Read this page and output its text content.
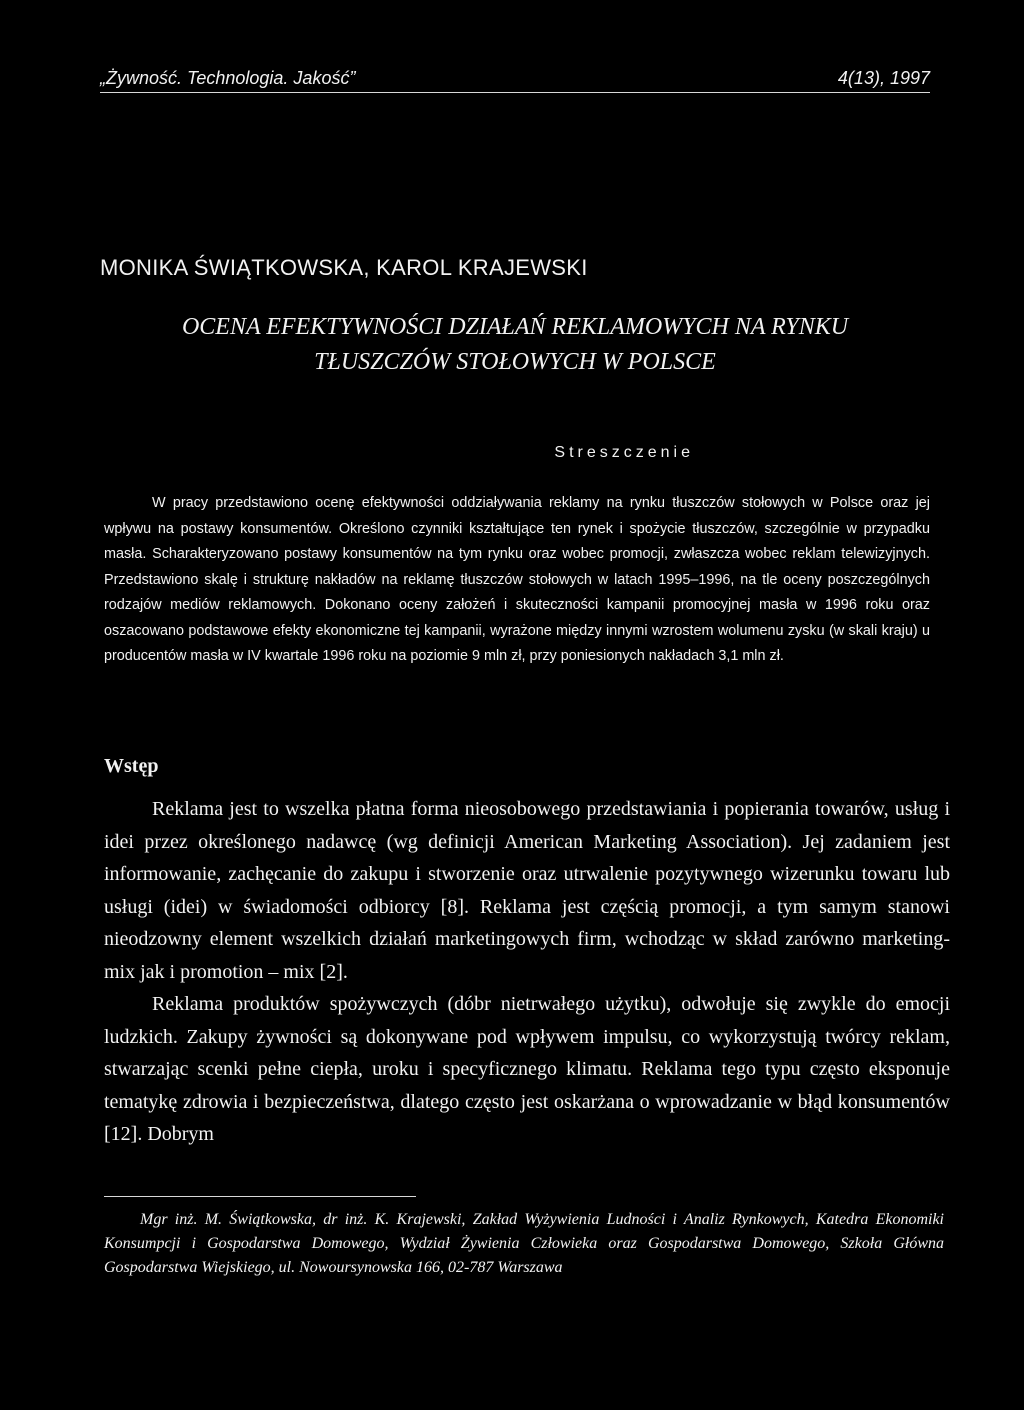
„Żywność. Technologia. Jakość”	4(13), 1997
MONIKA ŚWIĄTKOWSKA, KAROL KRAJEWSKI
OCENA EFEKTYWNOŚCI DZIAŁAŃ REKLAMOWYCH NA RYNKU
TŁUSZCZÓW STOŁOWYCH W POLSCE
Streszczenie

W pracy przedstawiono ocenę efektywności oddziaływania reklamy na rynku tłuszczów stołowych w Polsce oraz jej wpływu na postawy konsumentów. Określono czynniki kształtujące ten rynek i spożycie tłuszczów, szczególnie w przypadku masła. Scharakteryzowano postawy konsumentów na tym rynku oraz wobec promocji, zwłaszcza wobec reklam telewizyjnych. Przedstawiono skalę i strukturę nakładów na reklamę tłuszczów stołowych w latach 1995–1996, na tle oceny poszczególnych rodzajów mediów reklamowych. Dokonano oceny założeń i skuteczności kampanii promocyjnej masła w 1996 roku oraz oszacowano podstawowe efekty ekonomiczne tej kampanii, wyrażone między innymi wzrostem wolumenu zysku (w skali kraju) u producentów masła w IV kwartale 1996 roku na poziomie 9 mln zł, przy poniesionych nakładach 3,1 mln zł.

Wstęp

Reklama jest to wszelka płatna forma nieosobowego przedstawiania i popierania towarów, usług i idei przez określonego nadawcę (wg definicji American Marketing Association). Jej zadaniem jest informowanie, zachęcanie do zakupu i stworzenie oraz utrwalenie pozytywnego wizerunku towaru lub usługi (idei) w świadomości odbiorcy [8]. Reklama jest częścią promocji, a tym samym stanowi nieodzowny element wszelkich działań marketingowych firm, wchodząc w skład zarówno marketing-mix jak i promotion – mix [2].

Reklama produktów spożywczych (dóbr nietrwałego użytku), odwołuje się zwykle do emocji ludzkich. Zakupy żywności są dokonywane pod wpływem impulsu, co wykorzystują twórcy reklam, stwarzając scenki pełne ciepła, uroku i specyficznego klimatu. Reklama tego typu często eksponuje tematykę zdrowia i bezpieczeństwa, dlatego często jest oskarżana o wprowadzanie w błąd konsumentów [12]. Dobrym

Mgr inż. M. Świątkowska, dr inż. K. Krajewski, Zakład Wyżywienia Ludności i Analiz Rynkowych, Katedra Ekonomiki Konsumpcji i Gospodarstwa Domowego, Wydział Żywienia Człowieka oraz Gospodarstwa Domowego, Szkoła Główna Gospodarstwa Wiejskiego, ul. Nowoursynowska 166, 02-787 Warszawa
